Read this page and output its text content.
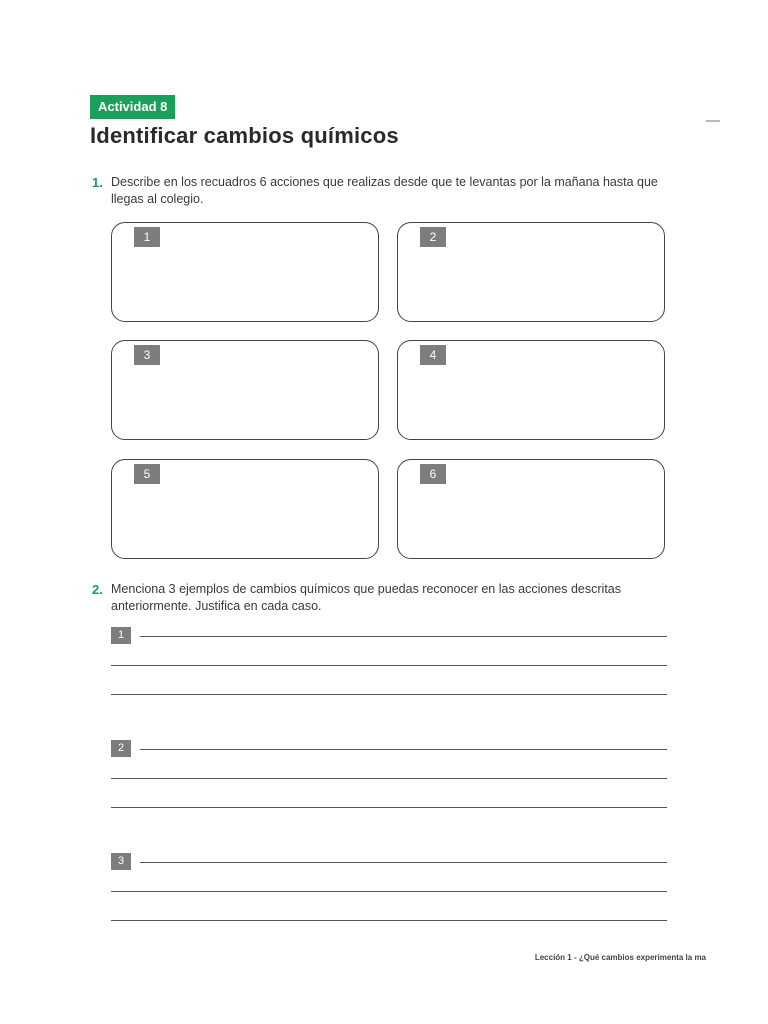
Actividad 8
Identificar cambios químicos
1. Describe en los recuadros 6 acciones que realizas desde que te levantas por la mañana hasta que llegas al colegio.
1	2
3	4
5	6
2. Menciona 3 ejemplos de cambios químicos que puedas reconocer en las acciones descritas anteriormente. Justifica en cada caso.
1
2
3
Lección 1 - ¿Qué cambios experimenta la ma
